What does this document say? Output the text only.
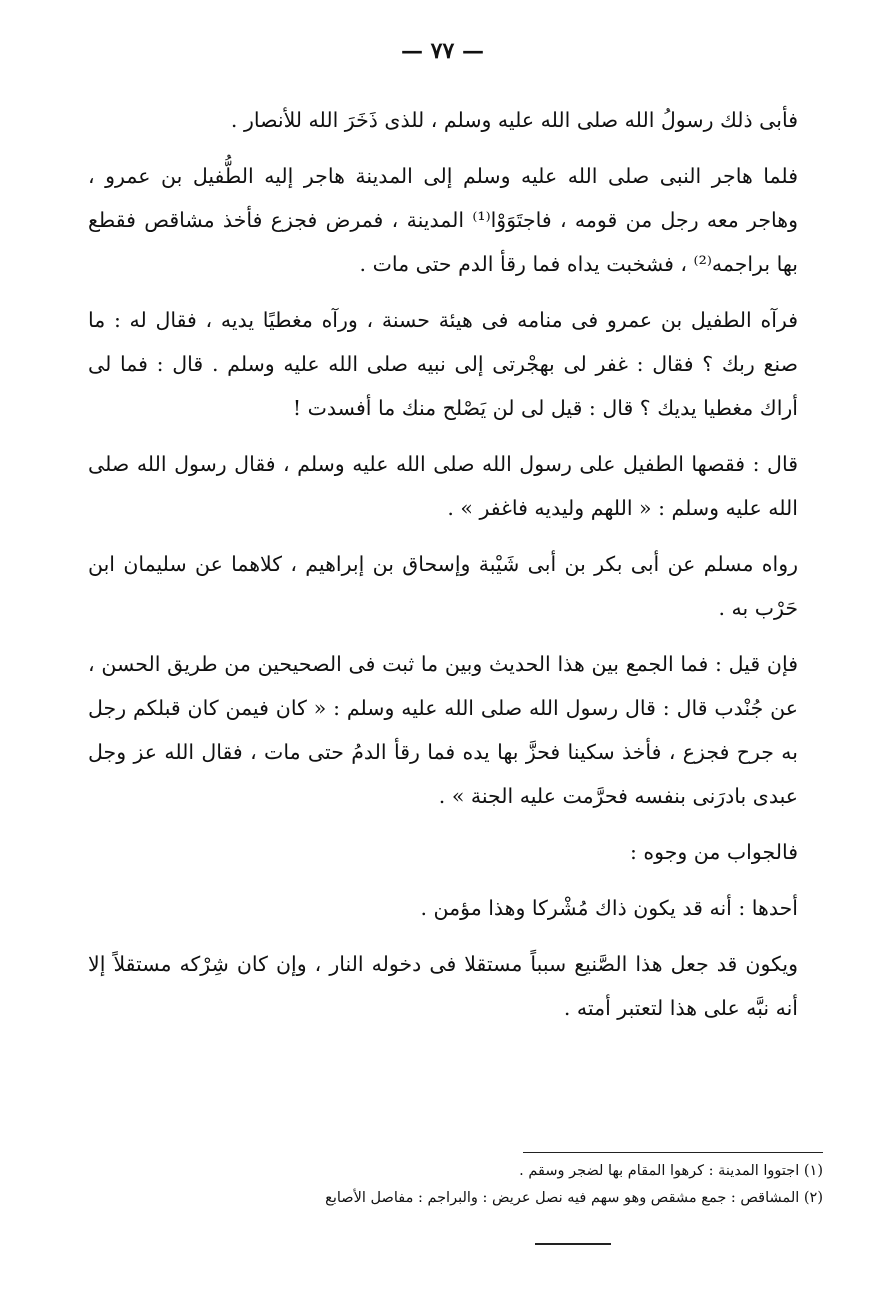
— ٧٧ —

فأبى ذلك رسولُ الله صلى الله عليه وسلم ، للذى ذَخَرَ الله للأنصار .

فلما هاجر النبى صلى الله عليه وسلم إلى المدينة هاجر إليه الطُّفيل بن عمرو ، وهاجر معه رجل من قومه ، فاجتَوَوْا⁽¹⁾ المدينة ، فمرض فجزع فأخذ مشاقص فقطع بها براجمه⁽²⁾ ، فشخبت يداه فما رقأ الدم حتى مات .

فرآه الطفيل بن عمرو فى منامه فى هيئة حسنة ، ورآه مغطيًا يديه ، فقال له : ما صنع ربك ؟ فقال : غفر لى بهجْرتى إلى نبيه صلى الله عليه وسلم . قال : فما لى أراك مغطيا يديك ؟ قال : قيل لى لن يَصْلح منك ما أفسدت !

قال : فقصها الطفيل على رسول الله صلى الله عليه وسلم ، فقال رسول الله صلى الله عليه وسلم : « اللهم وليديه فاغفر » .

رواه مسلم عن أبى بكر بن أبى شَيْبة وإسحاق بن إبراهيم ، كلاهما عن سليمان ابن حَرْب به .

فإن قيل : فما الجمع بين هذا الحديث وبين ما ثبت فى الصحيحين من طريق الحسن ، عن جُنْدب قال : قال رسول الله صلى الله عليه وسلم : « كان فيمن كان قبلكم رجل به جرح فجزع ، فأخذ سكينا فحزَّ بها يده فما رقأ الدمُ حتى مات ، فقال الله عز وجل عبدى بادرَنى بنفسه فحرَّمت عليه الجنة » .

فالجواب من وجوه :

أحدها : أنه قد يكون ذاك مُشْركا وهذا مؤمن .

ويكون قد جعل هذا الصَّنيع سبباً مستقلا فى دخوله النار ، وإن كان شِرْكه مستقلاً إلا أنه نبَّه على هذا لتعتبر أمته .

(١) اجتووا المدينة : كرهوا المقام بها لضجر وسقم .
(٢) المشاقص : جمع مشقص وهو سهم فيه نصل عريض : والبراجم : مفاصل الأصابع
